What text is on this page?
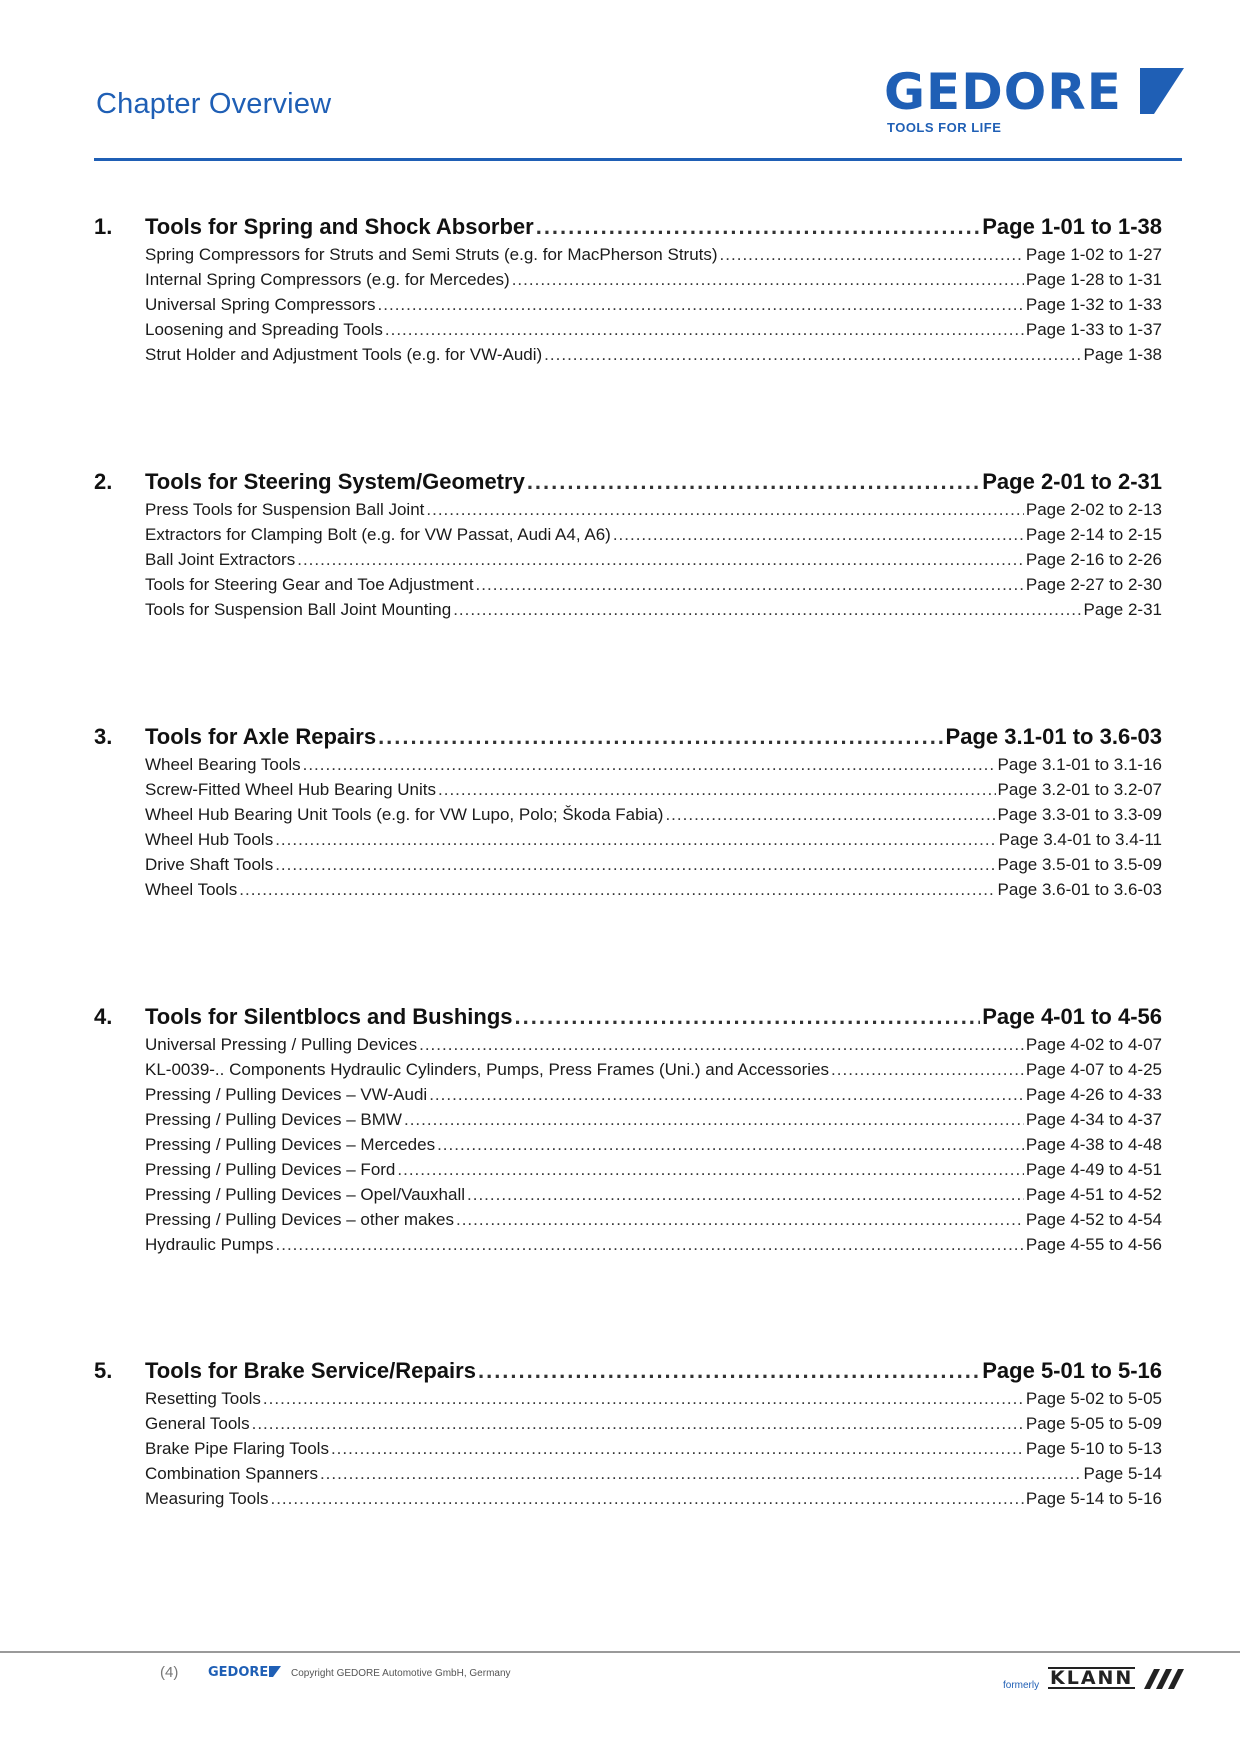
Chapter Overview	GEDORE
TOOLS FOR LIFE
1.	Tools for Spring and Shock Absorber .....	Page 1-01 to 1-38
Spring Compressors for Struts and Semi Struts (e.g. for MacPherson Struts) .....	Page 1-02 to 1-27
Internal Spring Compressors (e.g. for Mercedes) .....	Page 1-28 to 1-31
Universal Spring Compressors .....	Page 1-32 to 1-33
Loosening and Spreading Tools .....	Page 1-33 to 1-37
Strut Holder and Adjustment Tools (e.g. for VW-Audi) .....	Page 1-38
2.	Tools for Steering System/Geometry .....	Page 2-01 to 2-31
Press Tools for Suspension Ball Joint .....	Page 2-02 to 2-13
Extractors for Clamping Bolt (e.g. for VW Passat, Audi A4, A6) .....	Page 2-14 to 2-15
Ball Joint Extractors .....	Page 2-16 to 2-26
Tools for Steering Gear and Toe Adjustment .....	Page 2-27 to 2-30
Tools for Suspension Ball Joint Mounting .....	Page 2-31
3.	Tools for Axle Repairs .....	Page 3.1-01 to 3.6-03
Wheel Bearing Tools .....	Page 3.1-01 to 3.1-16
Screw-Fitted Wheel Hub Bearing Units .....	Page 3.2-01 to 3.2-07
Wheel Hub Bearing Unit Tools (e.g. for VW Lupo, Polo; Škoda Fabia) .....	Page 3.3-01 to 3.3-09
Wheel Hub Tools .....	Page 3.4-01 to 3.4-11
Drive Shaft Tools .....	Page 3.5-01 to 3.5-09
Wheel Tools .....	Page 3.6-01 to 3.6-03
4.	Tools for Silentblocs and Bushings .....	Page 4-01 to 4-56
Universal Pressing / Pulling Devices .....	Page 4-02 to 4-07
KL-0039-.. Components Hydraulic Cylinders, Pumps, Press Frames (Uni.) and Accessories .....	Page 4-07 to 4-25
Pressing / Pulling Devices – VW-Audi .....	Page 4-26 to 4-33
Pressing / Pulling Devices – BMW .....	Page 4-34 to 4-37
Pressing / Pulling Devices – Mercedes .....	Page 4-38 to 4-48
Pressing / Pulling Devices – Ford .....	Page 4-49 to 4-51
Pressing / Pulling Devices – Opel/Vauxhall .....	Page 4-51 to 4-52
Pressing / Pulling Devices – other makes .....	Page 4-52 to 4-54
Hydraulic Pumps .....	Page 4-55 to 4-56
5.	Tools for Brake Service/Repairs .....	Page 5-01 to 5-16
Resetting Tools .....	Page 5-02 to 5-05
General Tools .....	Page 5-05 to 5-09
Brake Pipe Flaring Tools .....	Page 5-10 to 5-13
Combination Spanners .....	Page 5-14
Measuring Tools .....	Page 5-14 to 5-16
(4) GEDORE	Copyright GEDORE Automotive GmbH, Germany
formerly KLANN
